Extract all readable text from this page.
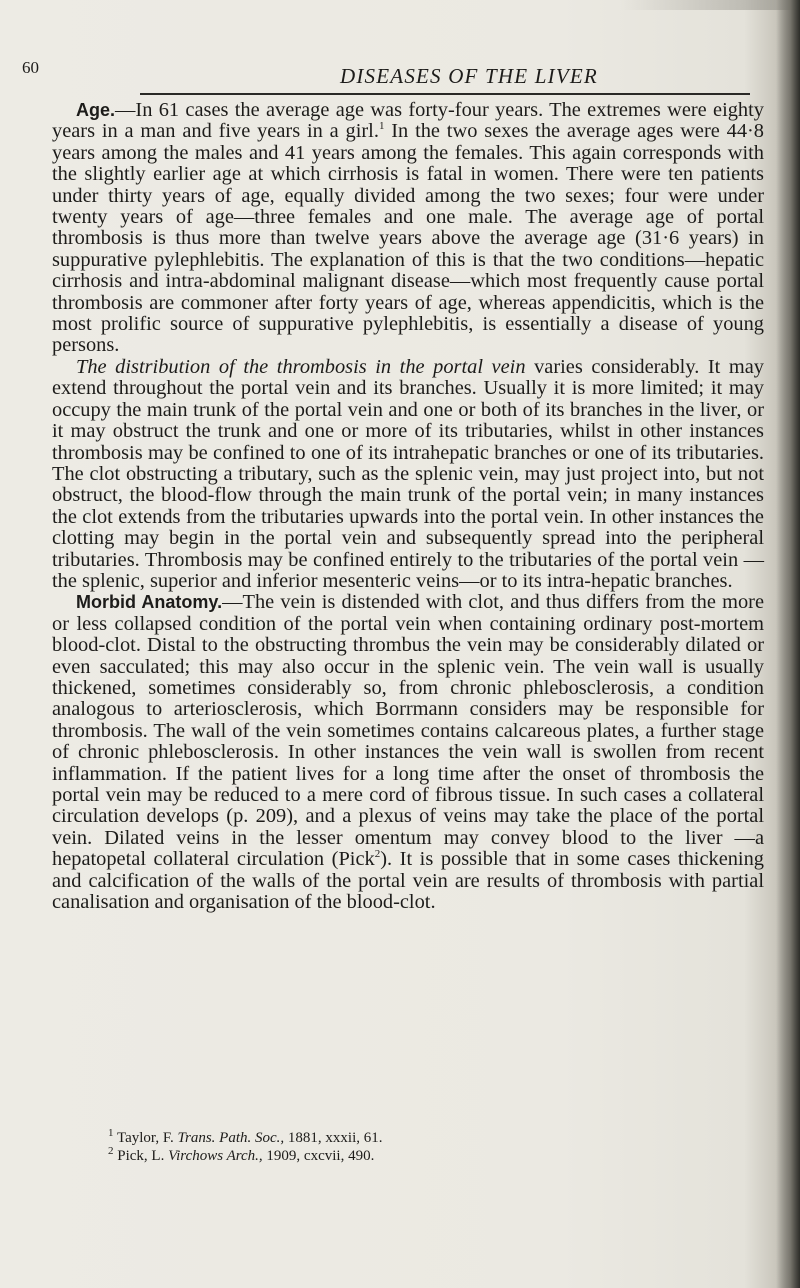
60	DISEASES OF THE LIVER

Age.—In 61 cases the average age was forty-four years. The extremes were eighty years in a man and five years in a girl.$^1$ In the two sexes the average ages were 44·8 years among the males and 41 years among the females. This again corresponds with the slightly earlier age at which cirrhosis is fatal in women. There were ten patients under thirty years of age, equally divided among the two sexes; four were under twenty years of age—three females and one male. The average age of portal thrombosis is thus more than twelve years above the average age (31·6 years) in suppurative pylephlebitis. The explanation of this is that the two conditions—hepatic cirrhosis and intra-abdominal malignant disease—which most frequently cause portal thrombosis are commoner after forty years of age, whereas appendicitis, which is the most prolific source of suppurative pylephlebitis, is essentially a disease of young persons.

The distribution of the thrombosis in the portal vein varies considerably. It may extend throughout the portal vein and its branches. Usually it is more limited; it may occupy the main trunk of the portal vein and one or both of its branches in the liver, or it may obstruct the trunk and one or more of its tributaries, whilst in other instances thrombosis may be confined to one of its intrahepatic branches or one of its tributaries. The clot obstructing a tributary, such as the splenic vein, may just project into, but not obstruct, the blood-flow through the main trunk of the portal vein; in many instances the clot extends from the tributaries upwards into the portal vein. In other instances the clotting may begin in the portal vein and subsequently spread into the peripheral tributaries. Thrombosis may be confined entirely to the tributaries of the portal vein —the splenic, superior and inferior mesenteric veins—or to its intra-hepatic branches.

Morbid Anatomy.—The vein is distended with clot, and thus differs from the more or less collapsed condition of the portal vein when containing ordinary post-mortem blood-clot. Distal to the obstructing thrombus the vein may be considerably dilated or even sacculated; this may also occur in the splenic vein. The vein wall is usually thickened, sometimes considerably so, from chronic phlebosclerosis, a condition analogous to arteriosclerosis, which Borrmann considers may be responsible for thrombosis. The wall of the vein sometimes contains calcareous plates, a further stage of chronic phlebosclerosis. In other instances the vein wall is swollen from recent inflammation. If the patient lives for a long time after the onset of thrombosis the portal vein may be reduced to a mere cord of fibrous tissue. In such cases a collateral circulation develops (p. 209), and a plexus of veins may take the place of the portal vein. Dilated veins in the lesser omentum may convey blood to the liver —a hepatopetal collateral circulation (Pick$^2$). It is possible that in some cases thickening and calcification of the walls of the portal vein are results of thrombosis with partial canalisation and organisation of the blood-clot.

$^1$ Taylor, F. Trans. Path. Soc., 1881, xxxii, 61.
$^2$ Pick, L. Virchows Arch., 1909, cxcvii, 490.
